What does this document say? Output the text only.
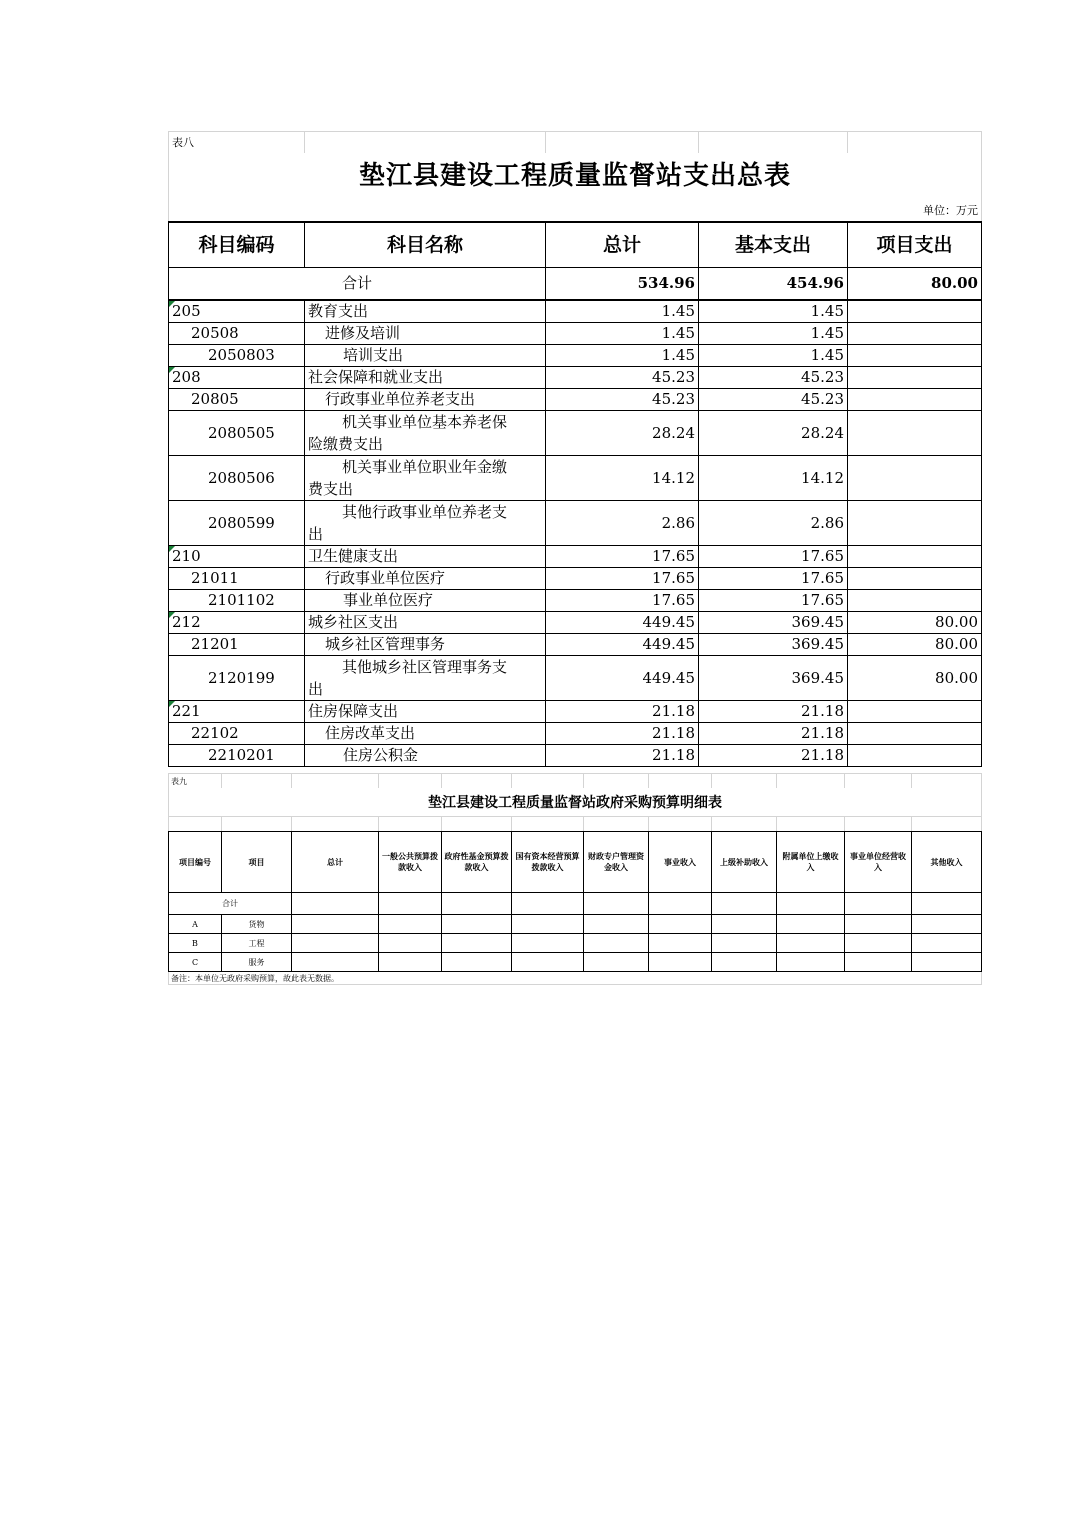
表八				
垫江县建设工程质量监督站支出总表				
单位：万元				
科目编码	科目名称	总计	基本支出	项目支出
合计		534.96	454.96	80.00
205	教育支出	1.45	1.45	
20508	进修及培训	1.45	1.45	
2050803	培训支出	1.45	1.45	
208	社会保障和就业支出	45.23	45.23	
20805	行政事业单位养老支出	45.23	45.23	
2080505	机关事业单位基本养老保
险缴费支出	28.24	28.24	
2080506	机关事业单位职业年金缴
费支出	14.12	14.12	
2080599	其他行政事业单位养老支
出	2.86	2.86	
210	卫生健康支出	17.65	17.65	
21011	行政事业单位医疗	17.65	17.65	
2101102	事业单位医疗	17.65	17.65	
212	城乡社区支出	449.45	369.45	80.00
21201	城乡社区管理事务	449.45	369.45	80.00
2120199	其他城乡社区管理事务支
出	449.45	369.45	80.00
221	住房保障支出	21.18	21.18	
22102	住房改革支出	21.18	21.18	
2210201	住房公积金	21.18	21.18	
表九											
垫江县建设工程质量监督站政府采购预算明细表											

项目编号	项目	总计	一般公共预算拨款收入	政府性基金预算拨款收入	国有资本经营预算拨款收入	财政专户管理资金收入	事业收入	上级补助收入	附属单位上缴收入	事业单位经营收入	其他收入
合计											
A	货物										
B	工程										
C	服务										
备注：本单位无政府采购预算，故此表无数据。											
